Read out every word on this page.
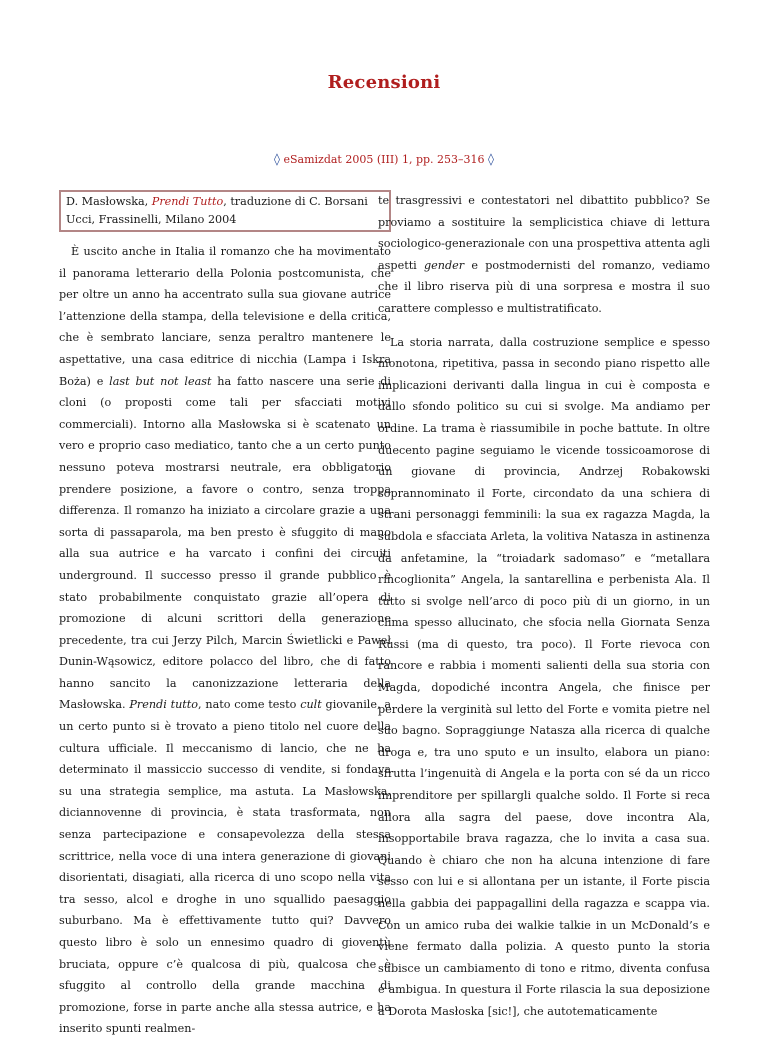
Recensioni
◊ eSamizdat 2005 (III) 1, pp. 253–316 ◊
D. Masłowska, Prendi Tutto, traduzione di C. Borsani Ucci, Frassinelli, Milano 2004

È uscito anche in Italia il romanzo che ha movimentato il panorama letterario della Polonia postcomunista, che per oltre un anno ha accentrato sulla sua giovane autrice l’attenzione della stampa, della televisione e della critica, che è sembrato lanciare, senza peraltro mantenere le aspettative, una casa editrice di nicchia (Lampa i Iskra Boża) e last but not least ha fatto nascere una serie di cloni (o proposti come tali per sfacciati motivi commerciali). Intorno alla Masłowska si è scatenato un vero e proprio caso mediatico, tanto che a un certo punto nessuno poteva mostrarsi neutrale, era obbligatorio prendere posizione, a favore o contro, senza troppa differenza. Il romanzo ha iniziato a circolare grazie a una sorta di passaparola, ma ben presto è sfuggito di mano alla sua autrice e ha varcato i confini dei circuiti underground. Il successo presso il grande pubblico è stato probabilmente conquistato grazie all’opera di promozione di alcuni scrittori della generazione precedente, tra cui Jerzy Pilch, Marcin Świetlicki e Paweł Dunin-Wąsowicz, editore polacco del libro, che di fatto hanno sancito la canonizzazione letteraria della Masłowska. Prendi tutto, nato come testo cult giovanile, a un certo punto si è trovato a pieno titolo nel cuore della cultura ufficiale. Il meccanismo di lancio, che ne ha determinato il massiccio successo di vendite, si fondava su una strategia semplice, ma astuta. La Masłowska, diciannovenne di provincia, è stata trasformata, non senza partecipazione e consapevolezza della stessa scrittrice, nella voce di una intera generazione di giovani disorientati, disagiati, alla ricerca di uno scopo nella vita tra sesso, alcol e droghe in uno squallido paesaggio suburbano. Ma è effettivamente tutto qui? Davvero questo libro è solo un ennesimo quadro di gioventù bruciata, oppure c’è qualcosa di più, qualcosa che è sfuggito al controllo della grande macchina di promozione, forse in parte anche alla stessa autrice, e ha inserito spunti realmen-

te trasgressivi e contestatori nel dibattito pubblico? Se proviamo a sostituire la semplicistica chiave di lettura sociologico-generazionale con una prospettiva attenta agli aspetti gender e postmodernisti del romanzo, vediamo che il libro riserva più di una sorpresa e mostra il suo carattere complesso e multistratificato.

La storia narrata, dalla costruzione semplice e spesso monotona, ripetitiva, passa in secondo piano rispetto alle implicazioni derivanti dalla lingua in cui è composta e dallo sfondo politico su cui si svolge. Ma andiamo per ordine. La trama è riassumibile in poche battute. In oltre duecento pagine seguiamo le vicende tossicoamorose di un giovane di provincia, Andrzej Robakowski soprannominato il Forte, circondato da una schiera di strani personaggi femminili: la sua ex ragazza Magda, la subdola e sfacciata Arleta, la volitiva Natasza in astinenza da anfetamine, la “troiadark sadomaso” e “metallara rincoglionita” Angela, la santarellina e perbenista Ala. Il tutto si svolge nell’arco di poco più di un giorno, in un clima spesso allucinato, che sfocia nella Giornata Senza Russi (ma di questo, tra poco). Il Forte rievoca con rancore e rabbia i momenti salienti della sua storia con Magda, dopodiché incontra Angela, che finisce per perdere la verginità sul letto del Forte e vomita pietre nel suo bagno. Sopraggiunge Natasza alla ricerca di qualche droga e, tra uno sputo e un insulto, elabora un piano: sfrutta l’ingenuità di Angela e la porta con sé da un ricco imprenditore per spillargli qualche soldo. Il Forte si reca allora alla sagra del paese, dove incontra Ala, insopportabile brava ragazza, che lo invita a casa sua. Quando è chiaro che non ha alcuna intenzione di fare sesso con lui e si allontana per un istante, il Forte piscia nella gabbia dei pappagallini della ragazza e scappa via. Con un amico ruba dei walkie talkie in un McDonald’s e viene fermato dalla polizia. A questo punto la storia subisce un cambiamento di tono e ritmo, diventa confusa e ambigua. In questura il Forte rilascia la sua deposizione a Dorota Masłoska [sic!], che autotematicamente
